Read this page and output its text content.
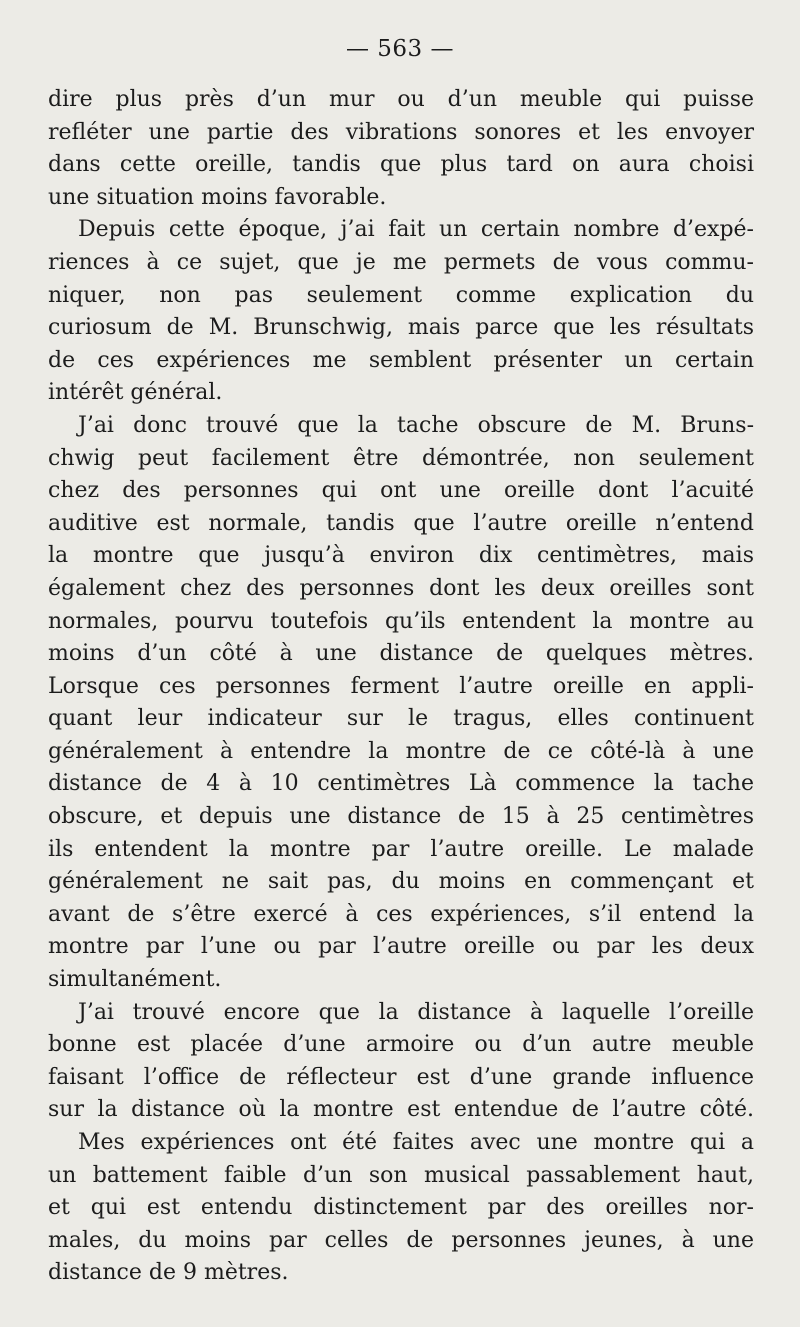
— 563 —
dire plus près d’un mur ou d’un meuble qui puisse
refléter une partie des vibrations sonores et les envoyer
dans cette oreille, tandis que plus tard on aura choisi
une situation moins favorable.
Depuis cette époque, j’ai fait un certain nombre d’expé-
riences à ce sujet, que je me permets de vous commu-
niquer, non pas seulement comme explication du
curiosum de M. Brunschwig, mais parce que les résultats
de ces expériences me semblent présenter un certain
intérêt général.
J’ai donc trouvé que la tache obscure de M. Bruns-
chwig peut facilement être démontrée, non seulement
chez des personnes qui ont une oreille dont l’acuité
auditive est normale, tandis que l’autre oreille n’entend
la montre que jusqu’à environ dix centimètres, mais
également chez des personnes dont les deux oreilles sont
normales, pourvu toutefois qu’ils entendent la montre au
moins d’un côté à une distance de quelques mètres.
Lorsque ces personnes ferment l’autre oreille en appli-
quant leur indicateur sur le tragus, elles continuent
généralement à entendre la montre de ce côté-là à une
distance de 4 à 10 centimètres Là commence la tache
obscure, et depuis une distance de 15 à 25 centimètres
ils entendent la montre par l’autre oreille. Le malade
généralement ne sait pas, du moins en commençant et
avant de s’être exercé à ces expériences, s’il entend la
montre par l’une ou par l’autre oreille ou par les deux
simultanément.
J’ai trouvé encore que la distance à laquelle l’oreille
bonne est placée d’une armoire ou d’un autre meuble
faisant l’office de réflecteur est d’une grande influence
sur la distance où la montre est entendue de l’autre côté.
Mes expériences ont été faites avec une montre qui a
un battement faible d’un son musical passablement haut,
et qui est entendu distinctement par des oreilles nor-
males, du moins par celles de personnes jeunes, à une
distance de 9 mètres.
